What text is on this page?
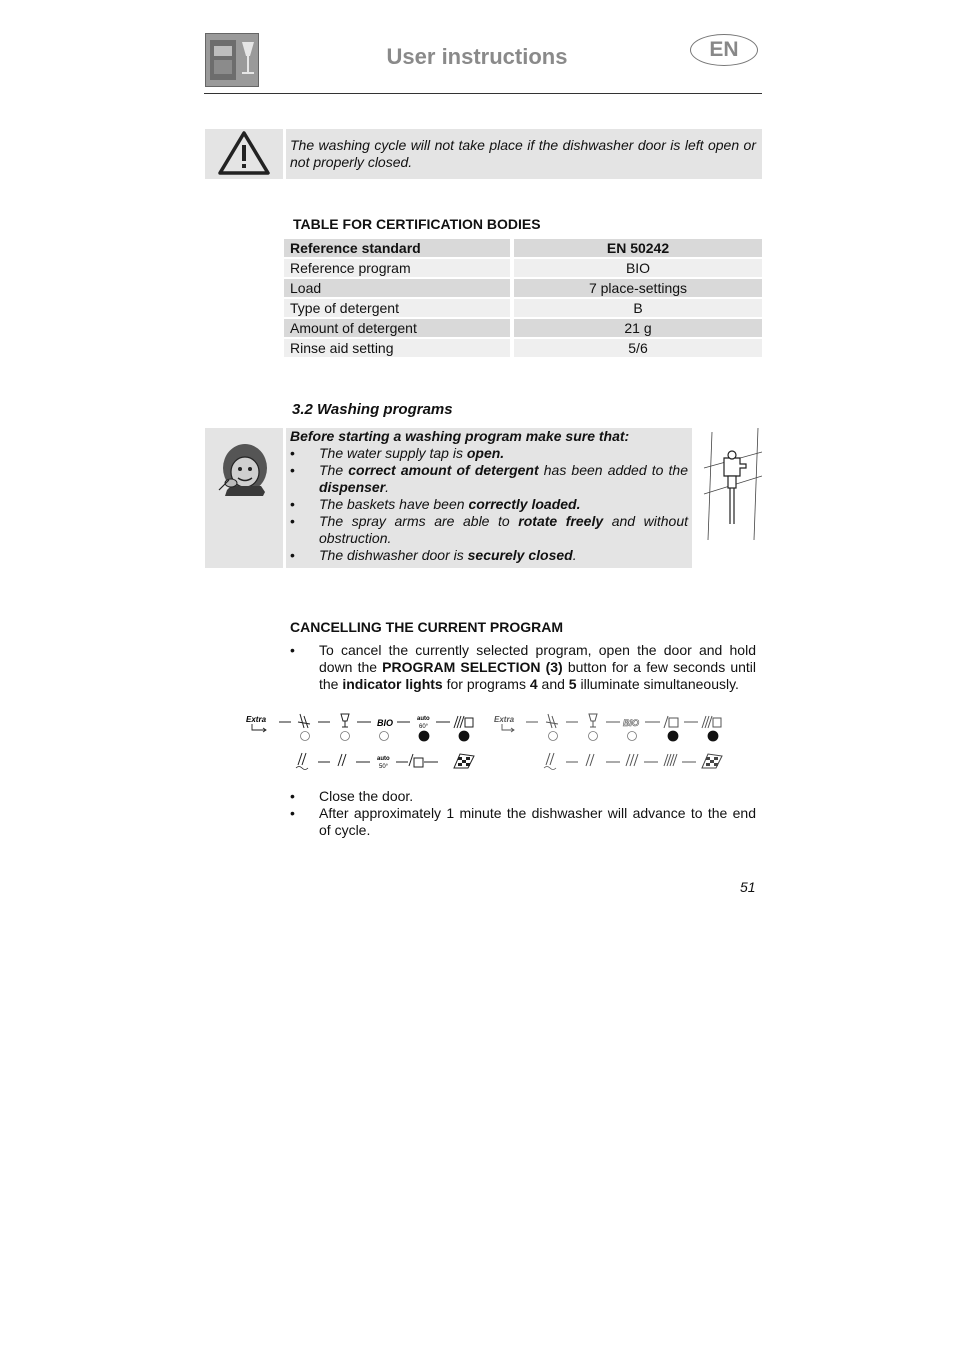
User instructions	EN
The washing cycle will not take place if the dishwasher door is left open or not properly closed.
TABLE FOR CERTIFICATION BODIES
Reference standard		EN 50242
Reference program		BIO
Load		7 place-settings
Type of detergent		B
Amount of detergent		21 g
Rinse aid setting		5/6
3.2 Washing programs
Before starting a washing program make sure that:
• The water supply tap is open.
• The correct amount of detergent has been added to the dispenser.
• The baskets have been correctly loaded.
• The spray arms are able to rotate freely and without obstruction.
• The dishwasher door is securely closed.
CANCELLING THE CURRENT PROGRAM
• To cancel the currently selected program, open the door and hold down the PROGRAM SELECTION (3) button for a few seconds until the indicator lights for programs 4 and 5 illuminate simultaneously.
Extra	BIO	auto
60°
auto
50°
Extra	BIO
• Close the door.
• After approximately 1 minute the dishwasher will advance to the end of cycle.
51
